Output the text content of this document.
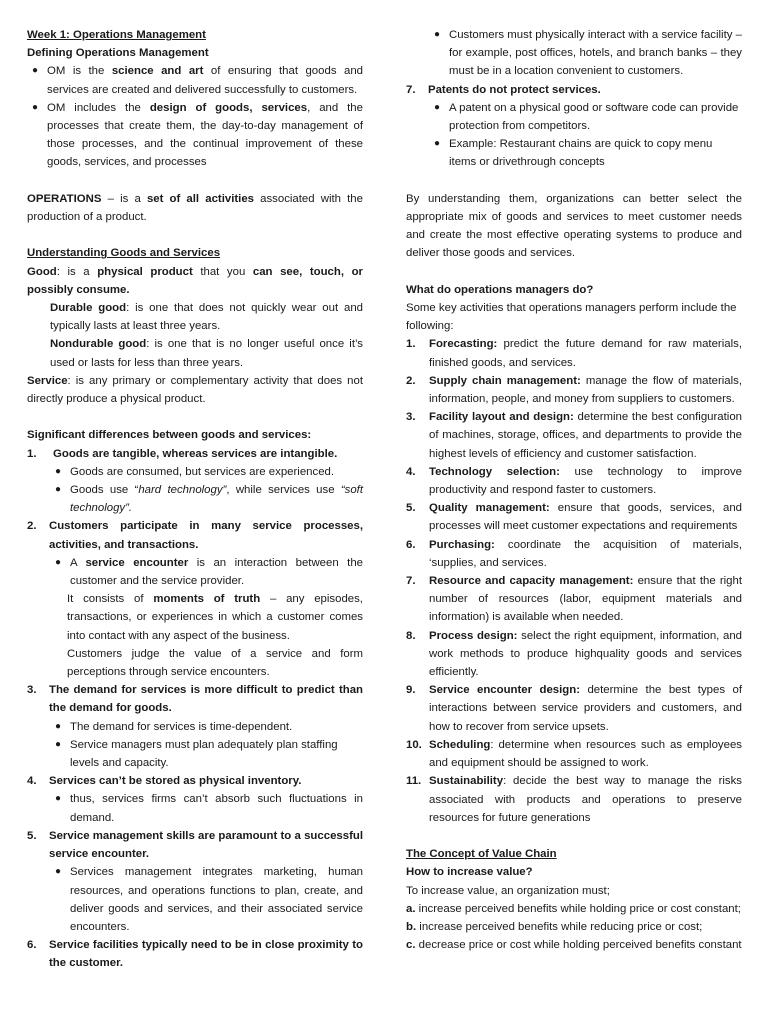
Week 1: Operations Management

Defining Operations Management

● OM is the science and art of ensuring that goods and services are created and delivered successfully to customers.

● OM includes the design of goods, services, and the processes that create them, the day-to-day management of those processes, and the continual improvement of these goods, services, and processes

OPERATIONS – is a set of all activities associated with the production of a product.

Understanding Goods and Services

Good: is a physical product that you can see, touch, or possibly consume.

Durable good: is one that does not quickly wear out and typically lasts at least three years.

Nondurable good: is one that is no longer useful once it’s used or lasts for less than three years.

Service: is any primary or complementary activity that does not directly produce a physical product.

Significant differences between goods and services:

1.	Goods are tangible, whereas services are intangible.

● Goods are consumed, but services are experienced.

● Goods use “hard technology”, while services use “soft technology”.

2.	Customers participate in many service processes, activities, and transactions.

● A service encounter is an interaction between the customer and the service provider.

It consists of moments of truth – any episodes, transactions, or experiences in which a customer comes into contact with any aspect of the business.

Customers judge the value of a service and form perceptions through service encounters.

3.	The demand for services is more difficult to predict than the demand for goods.

● The demand for services is time-dependent.

● Service managers must plan adequately plan staffing levels and capacity.

4.	Services can’t be stored as physical inventory.

● thus, services firms can’t absorb such fluctuations in demand.

5.	Service management skills are paramount to a successful service encounter.

● Services management integrates marketing, human resources, and operations functions to plan, create, and deliver goods and services, and their associated service encounters.

6.	Service facilities typically need to be in close proximity to the customer.

● Customers must physically interact with a service facility – for example, post offices, hotels, and branch banks – they must be in a location convenient to customers.

7.	Patents do not protect services.

● A patent on a physical good or software code can provide protection from competitors.

● Example: Restaurant chains are quick to copy menu items or drivethrough concepts

By understanding them, organizations can better select the appropriate mix of goods and services to meet customer needs and create the most effective operating systems to produce and deliver those goods and services.

What do operations managers do?

Some key activities that operations managers perform include the following:

1.	Forecasting: predict the future demand for raw materials, finished goods, and services.

2.	Supply chain management: manage the flow of materials, information, people, and money from suppliers to customers.

3.	Facility layout and design: determine the best configuration of machines, storage, offices, and departments to provide the highest levels of efficiency and customer satisfaction.

4.	Technology selection: use technology to improve productivity and respond faster to customers.

5.	Quality management: ensure that goods, services, and processes will meet customer expectations and requirements

6.	Purchasing: coordinate the acquisition of materials, ‘supplies, and services.

7.	Resource and capacity management: ensure that the right number of resources (labor, equipment materials and information) is available when needed.

8.	Process design: select the right equipment, information, and work methods to produce highquality goods and services efficiently.

9.	Service encounter design: determine the best types of interactions between service providers and customers, and how to recover from service upsets.

10. Scheduling: determine when resources such as employees and equipment should be assigned to work.

11. Sustainability: decide the best way to manage the risks associated with products and operations to preserve resources for future generations

The Concept of Value Chain

How to increase value?

To increase value, an organization must;

a. increase perceived benefits while holding price or cost constant;

b. increase perceived benefits while reducing price or cost;

c. decrease price or cost while holding perceived benefits constant
